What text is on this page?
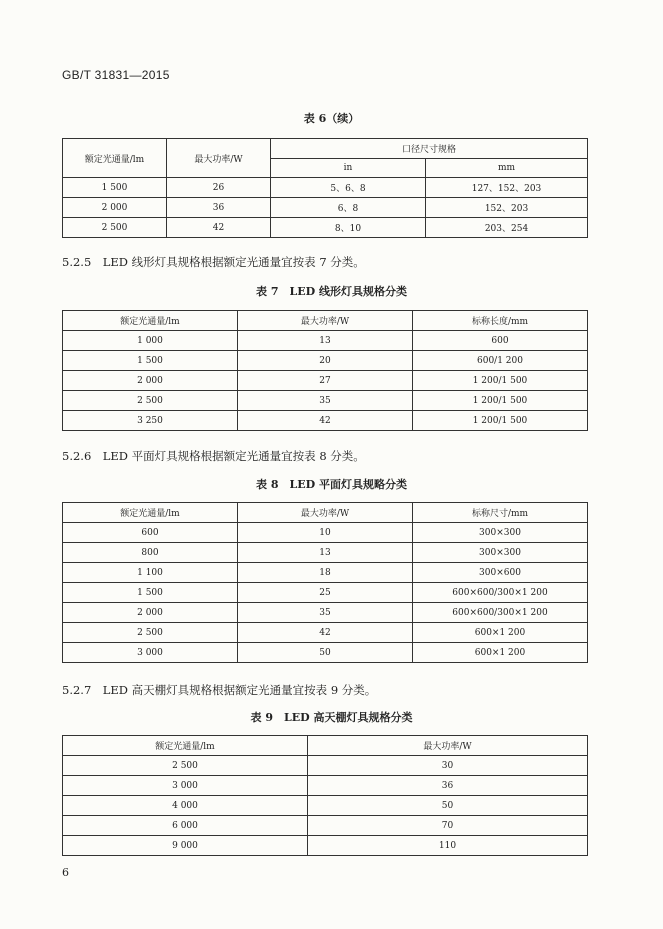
GB/T 31831—2015
表 6（续）
额定光通量/lm	最大功率/W	口径尺寸规格	
		in	mm
1 500	26	5、6、8	127、152、203
2 000	36	6、8	152、203
2 500	42	8、10	203、254
5.2.5　LED 线形灯具规格根据额定光通量宜按表 7 分类。
表 7　LED 线形灯具规格分类
额定光通量/lm	最大功率/W	标称长度/mm
1 000	13	600
1 500	20	600/1 200
2 000	27	1 200/1 500
2 500	35	1 200/1 500
3 250	42	1 200/1 500
5.2.6　LED 平面灯具规格根据额定光通量宜按表 8 分类。
表 8　LED 平面灯具规略分类
额定光通量/lm	最大功率/W	标称尺寸/mm
600	10	300×300
800	13	300×300
1 100	18	300×600
1 500	25	600×600/300×1 200
2 000	35	600×600/300×1 200
2 500	42	600×1 200
3 000	50	600×1 200
5.2.7　LED 高天棚灯具规格根据额定光通量宜按表 9 分类。
表 9　LED 高天棚灯具规格分类
额定光通量/lm	最大功率/W
2 500	30
3 000	36
4 000	50
6 000	70
9 000	110
6
